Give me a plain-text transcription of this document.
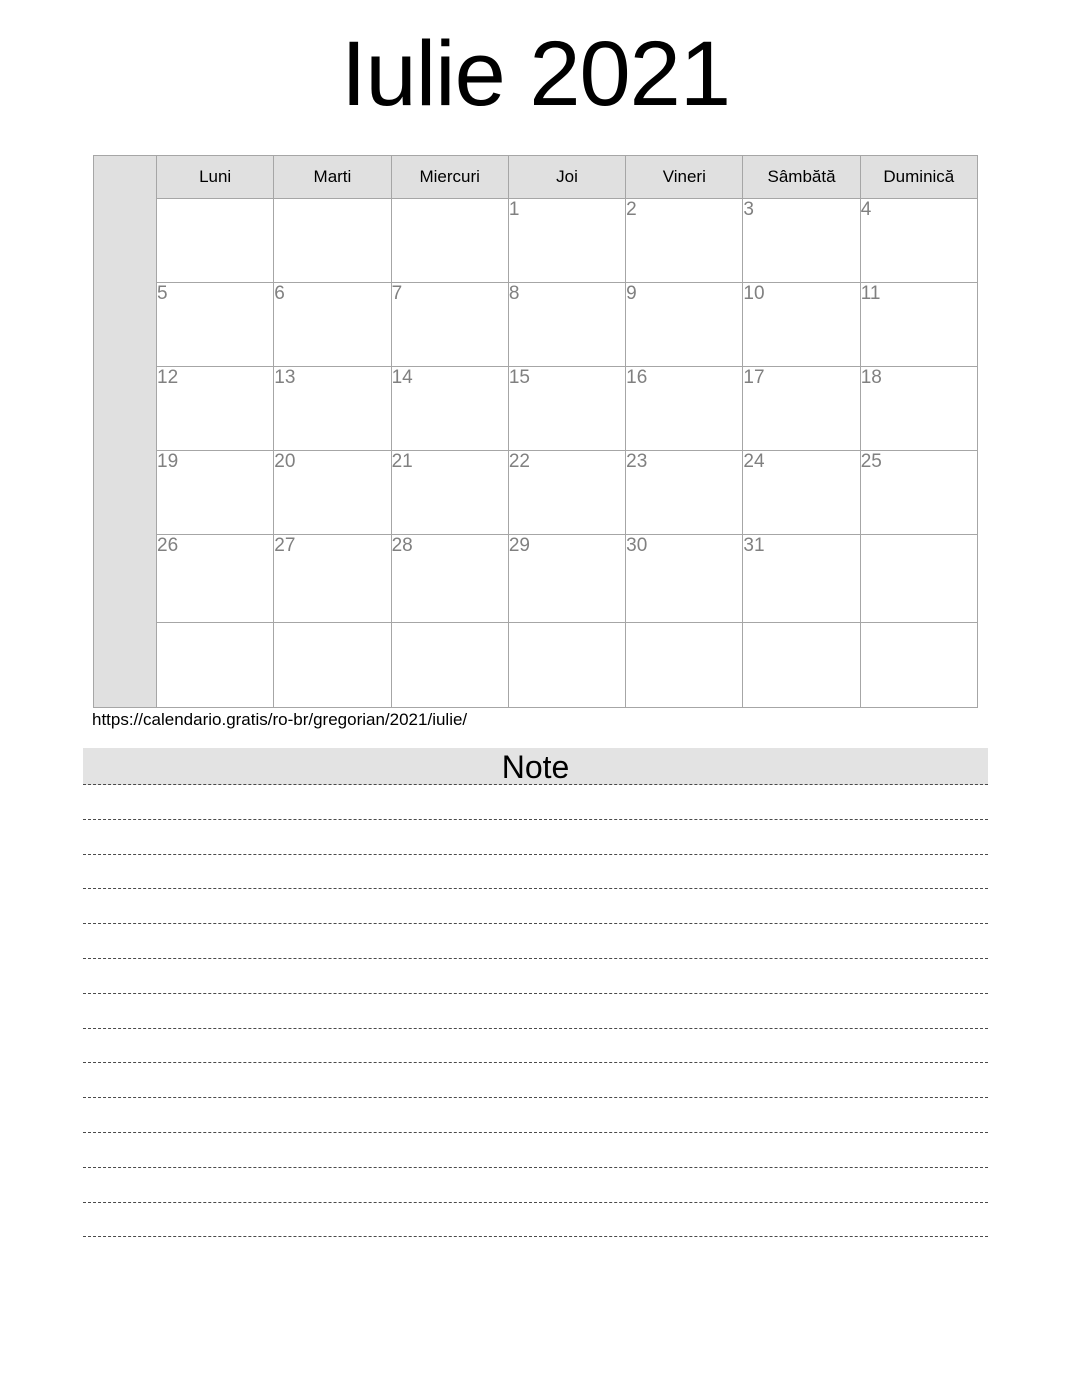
Iulie 2021
	Luni	Marti	Miercuri	Joi	Vineri	Sâmbătă	Duminică
				1	2	3	4
	5	6	7	8	9	10	11
	12	13	14	15	16	17	18
	19	20	21	22	23	24	25
	26	27	28	29	30	31	

https://calendario.gratis/ro-br/gregorian/2021/iulie/
Note
